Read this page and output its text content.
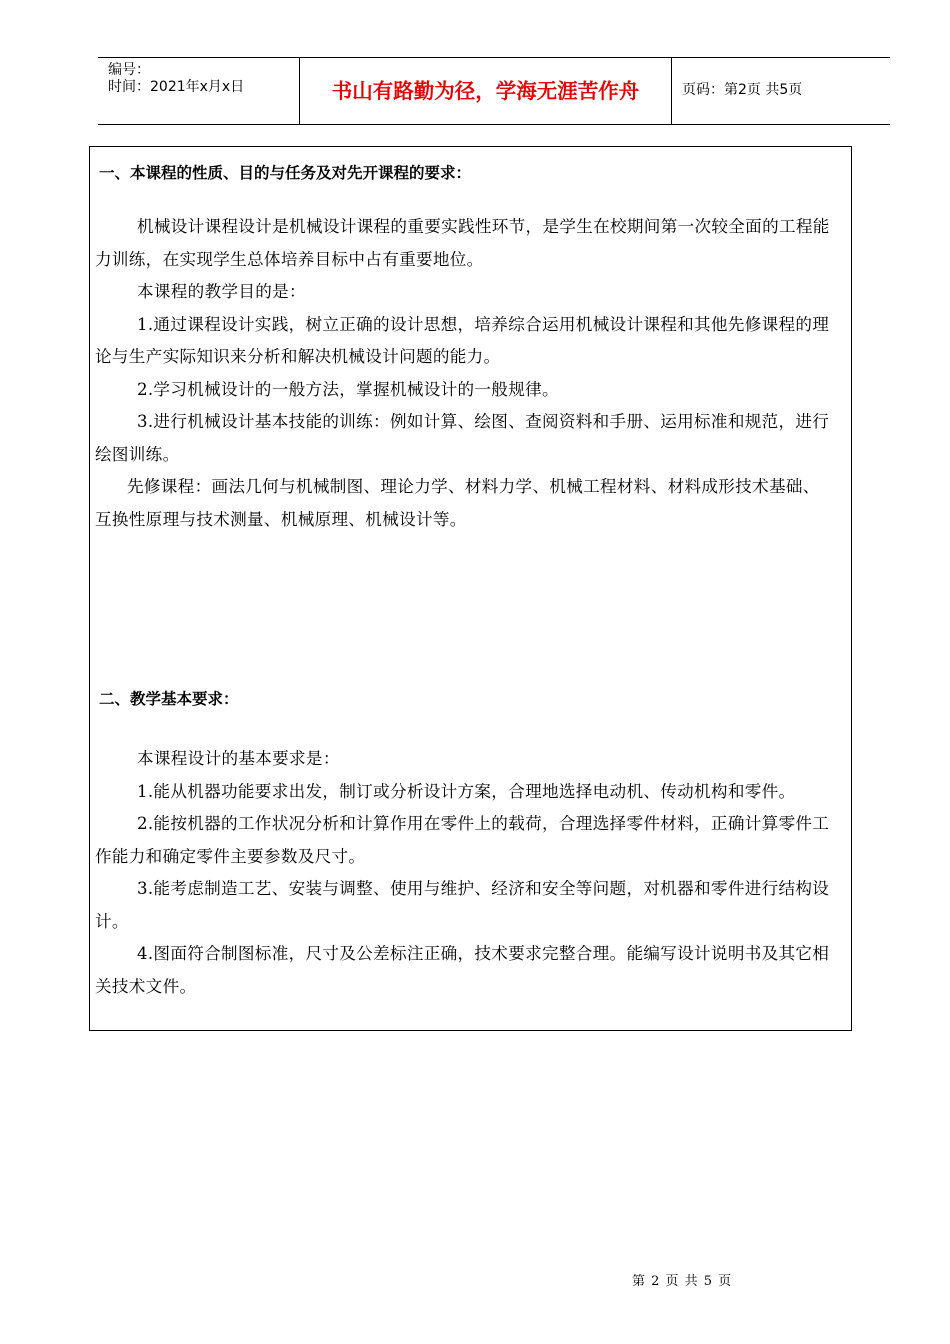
编号：
时间：2021年x月x日	书山有路勤为径，学海无涯苦作舟	页码：第2页 共5页
一、本课程的性质、目的与任务及对先开课程的要求：

机械设计课程设计是机械设计课程的重要实践性环节，是学生在校期间第一次较全面的工程能力训练，在实现学生总体培养目标中占有重要地位。

本课程的教学目的是：

1.通过课程设计实践，树立正确的设计思想，培养综合运用机械设计课程和其他先修课程的理论与生产实际知识来分析和解决机械设计问题的能力。

2.学习机械设计的一般方法，掌握机械设计的一般规律。

3.进行机械设计基本技能的训练：例如计算、绘图、查阅资料和手册、运用标准和规范，进行绘图训练。

先修课程：画法几何与机械制图、理论力学、材料力学、机械工程材料、材料成形技术基础、互换性原理与技术测量、机械原理、机械设计等。

二、教学基本要求：

本课程设计的基本要求是：

1.能从机器功能要求出发，制订或分析设计方案，合理地选择电动机、传动机构和零件。

2.能按机器的工作状况分析和计算作用在零件上的载荷，合理选择零件材料，正确计算零件工作能力和确定零件主要参数及尺寸。

3.能考虑制造工艺、安装与调整、使用与维护、经济和安全等问题，对机器和零件进行结构设计。

4.图面符合制图标准，尺寸及公差标注正确，技术要求完整合理。能编写设计说明书及其它相关技术文件。

第 2 页 共 5 页
